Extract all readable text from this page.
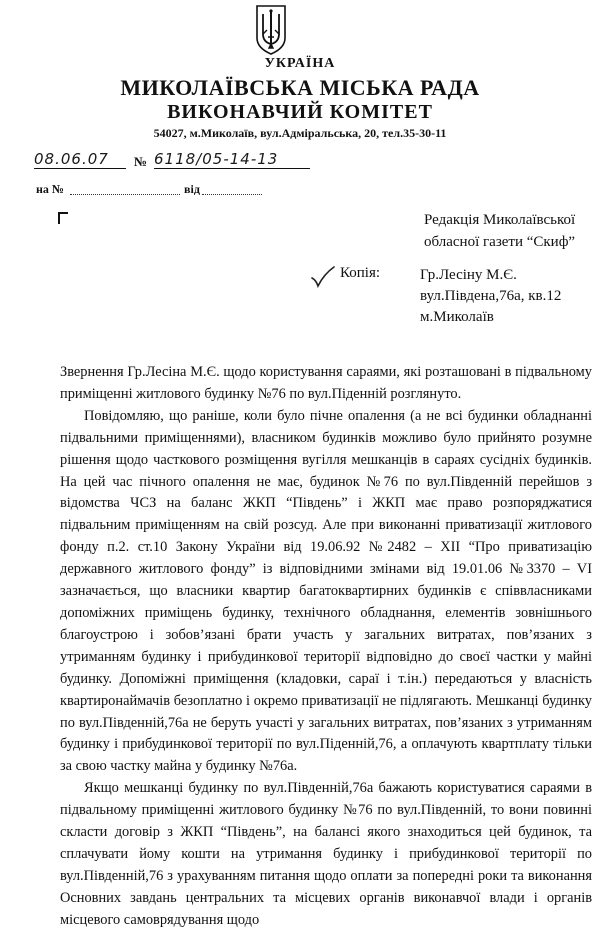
УКРАЇНА
МИКОЛАЇВСЬКА МІСЬКА РАДА
ВИКОНАВЧИЙ КОМІТЕТ
54027, м.Миколаїв, вул.Адміральська, 20, тел.35-30-11
08.06.07	№ 6118/05-14-13
на №	від
Редакція Миколаївської
обласної газети “Скиф”
Копія:	Гр.Лесіну М.Є.
вул.Південа,76а, кв.12
м.Миколаїв

Звернення Гр.Лесіна М.Є. щодо користування сараями, які розташовані в підвальному приміщенні житлового будинку №76 по вул.Піденній розглянуто.

Повідомляю, що раніше, коли було пічне опалення (а не всі будинки обладнанні підвальними приміщеннями), власником будинків можливо було прийнято розумне рішення щодо часткового розміщення вугілля мешканців в сараях сусідніх будинків. На цей час пічного опалення не має, будинок №76 по вул.Південній перейшов з відомства ЧСЗ на баланс ЖКП “Південь” і ЖКП має право розпоряджатися підвальним приміщенням на свій розсуд. Але при виконанні приватизації житлового фонду п.2. ст.10 Закону України від 19.06.92 №2482 – XII “Про приватизацію державного житлового фонду” із відповідними змінами від 19.01.06 №3370 – VI зазначається, що власники квартир багатоквартирних будинків є співвласниками допоміжних приміщень будинку, технічного обладнання, елементів зовнішнього благоустрою і зобов’язані брати участь у загальних витратах, пов’язаних з утриманням будинку і прибудинкової території відповідно до своєї частки у майні будинку. Допоміжні приміщення (кладовки, сараї і т.ін.) передаються у власність квартиронаймачів безоплатно і окремо приватизації не підлягають. Мешканці будинку по вул.Південній,76а не беруть участі у загальних витратах, пов’язаних з утриманням будинку і прибудинкової території по вул.Піденній,76, а оплачують квартплату тільки за свою частку майна у будинку №76а.

Якщо мешканці будинку по вул.Південній,76а бажають користуватися сараями в підвальному приміщенні житлового будинку №76 по вул.Південній, то вони повинні скласти договір з ЖКП “Південь”, на балансі якого знаходиться цей будинок, та сплачувати йому кошти на утримання будинку і прибудинкової території по вул.Південній,76 з урахуванням питання щодо оплати за попередні роки та виконання Основних завдань центральних та місцевих органів виконавчої влади і органів місцевого самоврядування щодо
